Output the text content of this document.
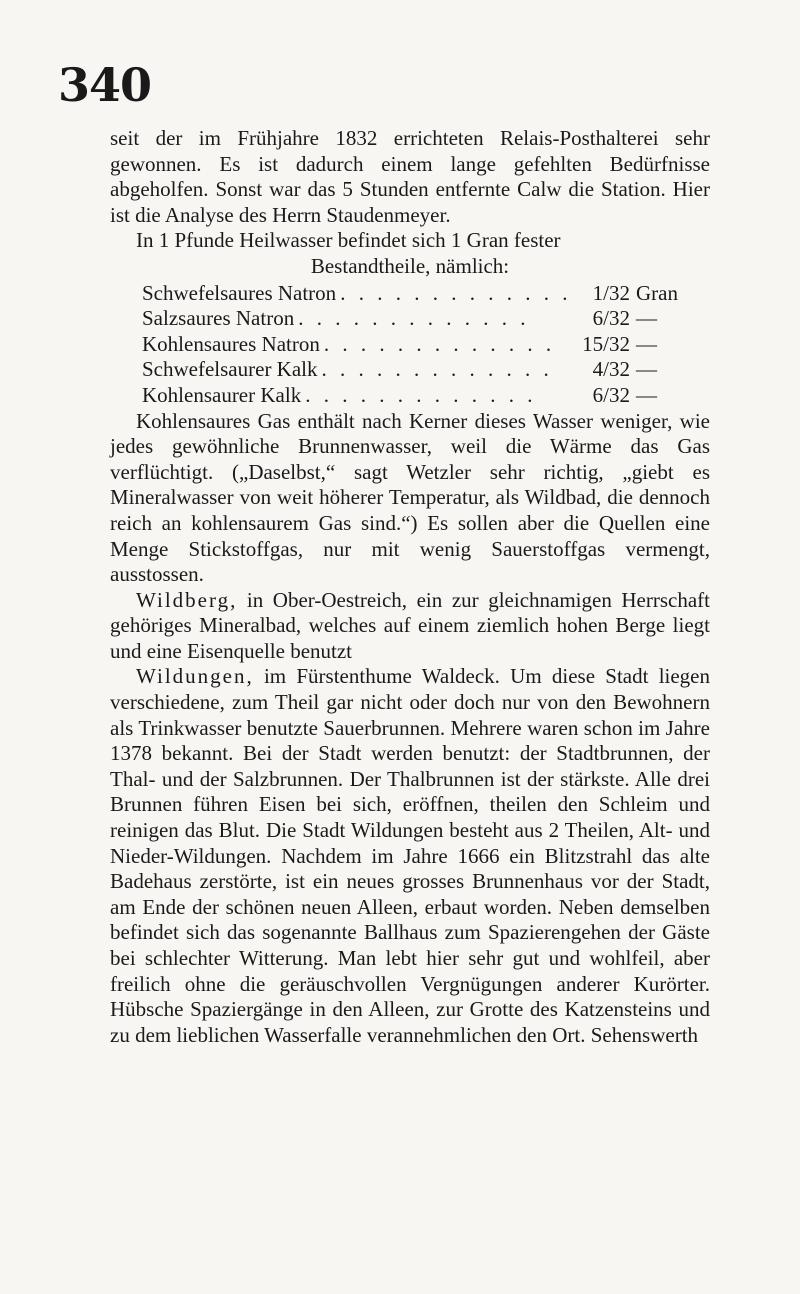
340

seit der im Frühjahre 1832 errichteten Relais-Posthalterei sehr gewonnen. Es ist dadurch einem lange gefehlten Bedürfnisse abgeholfen. Sonst war das 5 Stunden entfernte Calw die Station. Hier ist die Analyse des Herrn Staudenmeyer.

In 1 Pfunde Heilwasser befindet sich 1 Gran fester

Bestandtheile, nämlich:

Schwefelsaures Natron . . . . . . . . . . . . .	1/32 Gran
Salzsaures Natron . . . . . . . . . . . . .	6/32 —
Kohlensaures Natron . . . . . . . . . . . . .	15/32 —
Schwefelsaurer Kalk . . . . . . . . . . . . .	4/32 —
Kohlensaurer Kalk . . . . . . . . . . . . .	6/32 —

Kohlensaures Gas enthält nach Kerner dieses Wasser weniger, wie jedes gewöhnliche Brunnenwasser, weil die Wärme das Gas verflüchtigt. („Daselbst,“ sagt Wetzler sehr richtig, „giebt es Mineralwasser von weit höherer Temperatur, als Wildbad, die dennoch reich an kohlensaurem Gas sind.“) Es sollen aber die Quellen eine Menge Stickstoffgas, nur mit wenig Sauerstoffgas vermengt, ausstossen.

Wildberg, in Ober-Oestreich, ein zur gleichnamigen Herrschaft gehöriges Mineralbad, welches auf einem ziemlich hohen Berge liegt und eine Eisenquelle benutzt

Wildungen, im Fürstenthume Waldeck. Um diese Stadt liegen verschiedene, zum Theil gar nicht oder doch nur von den Bewohnern als Trinkwasser benutzte Sauerbrunnen. Mehrere waren schon im Jahre 1378 bekannt. Bei der Stadt werden benutzt: der Stadtbrunnen, der Thal- und der Salzbrunnen. Der Thalbrunnen ist der stärkste. Alle drei Brunnen führen Eisen bei sich, eröffnen, theilen den Schleim und reinigen das Blut. Die Stadt Wildungen besteht aus 2 Theilen, Alt- und Nieder-Wildungen. Nachdem im Jahre 1666 ein Blitzstrahl das alte Badehaus zerstörte, ist ein neues grosses Brunnenhaus vor der Stadt, am Ende der schönen neuen Alleen, erbaut worden. Neben demselben befindet sich das sogenannte Ballhaus zum Spazierengehen der Gäste bei schlechter Witterung. Man lebt hier sehr gut und wohlfeil, aber freilich ohne die geräuschvollen Vergnügungen anderer Kurörter. Hübsche Spaziergänge in den Alleen, zur Grotte des Katzensteins und zu dem lieblichen Wasserfalle verannehmlichen den Ort. Sehenswerth
